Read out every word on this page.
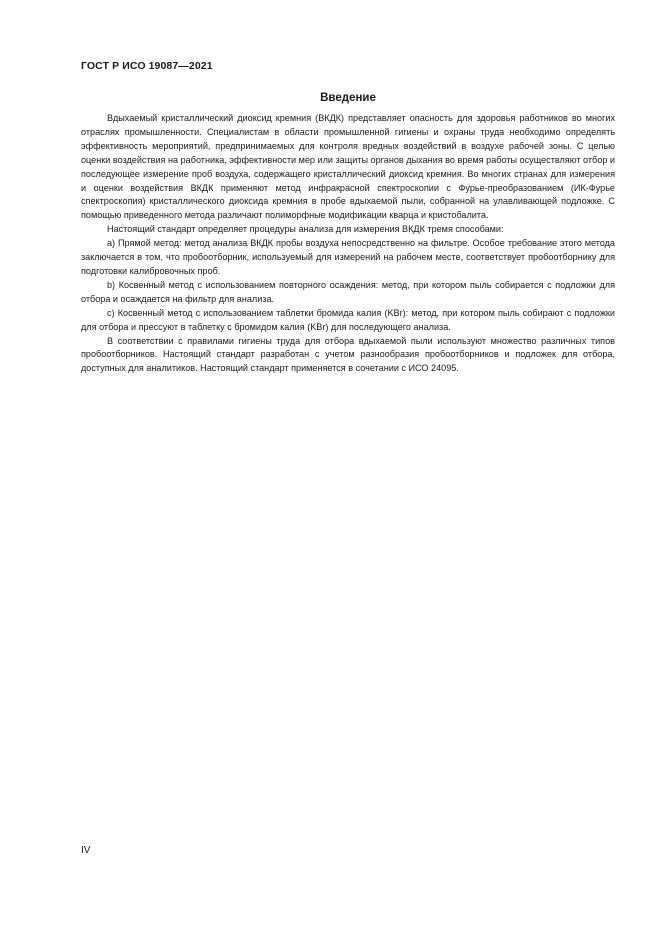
ГОСТ Р ИСО 19087—2021
Введение

Вдыхаемый кристаллический диоксид кремния (ВКДК) представляет опасность для здоровья работников во многих отраслях промышленности. Специалистам в области промышленной гигиены и охраны труда необходимо определять эффективность мероприятий, предпринимаемых для контроля вредных воздействий в воздухе рабочей зоны. С целью оценки воздействия на работника, эффективности мер или защиты органов дыхания во время работы осуществляют отбор и последующее измерение проб воздуха, содержащего кристаллический диоксид кремния. Во многих странах для измерения и оценки воздействия ВКДК применяют метод инфракрасной спектроскопии с Фурье-преобразованием (ИК-Фурье спектроскопия) кристаллического диоксида кремния в пробе вдыхаемой пыли, собранной на улавливающей подложке. С помощью приведенного метода различают полиморфные модификации кварца и кристобалита.

Настоящий стандарт определяет процедуры анализа для измерения ВКДК тремя способами:

а) Прямой метод: метод анализа ВКДК пробы воздуха непосредственно на фильтре. Особое требование этого метода заключается в том, что пробоотборник, используемый для измерений на рабочем месте, соответствует пробоотборнику для подготовки калибровочных проб.

b) Косвенный метод с использованием повторного осаждения: метод, при котором пыль собирается с подложки для отбора и осаждается на фильтр для анализа.

c) Косвенный метод с использованием таблетки бромида калия (KBr): метод, при котором пыль собирают с подложки для отбора и прессуют в таблетку с бромидом калия (KBr) для последующего анализа.

В соответствии с правилами гигиены труда для отбора вдыхаемой пыли используют множество различных типов пробоотборников. Настоящий стандарт разработан с учетом разнообразия пробоотборников и подложек для отбора, доступных для аналитиков. Настоящий стандарт применяется в сочетании с ИСО 24095.

IV
